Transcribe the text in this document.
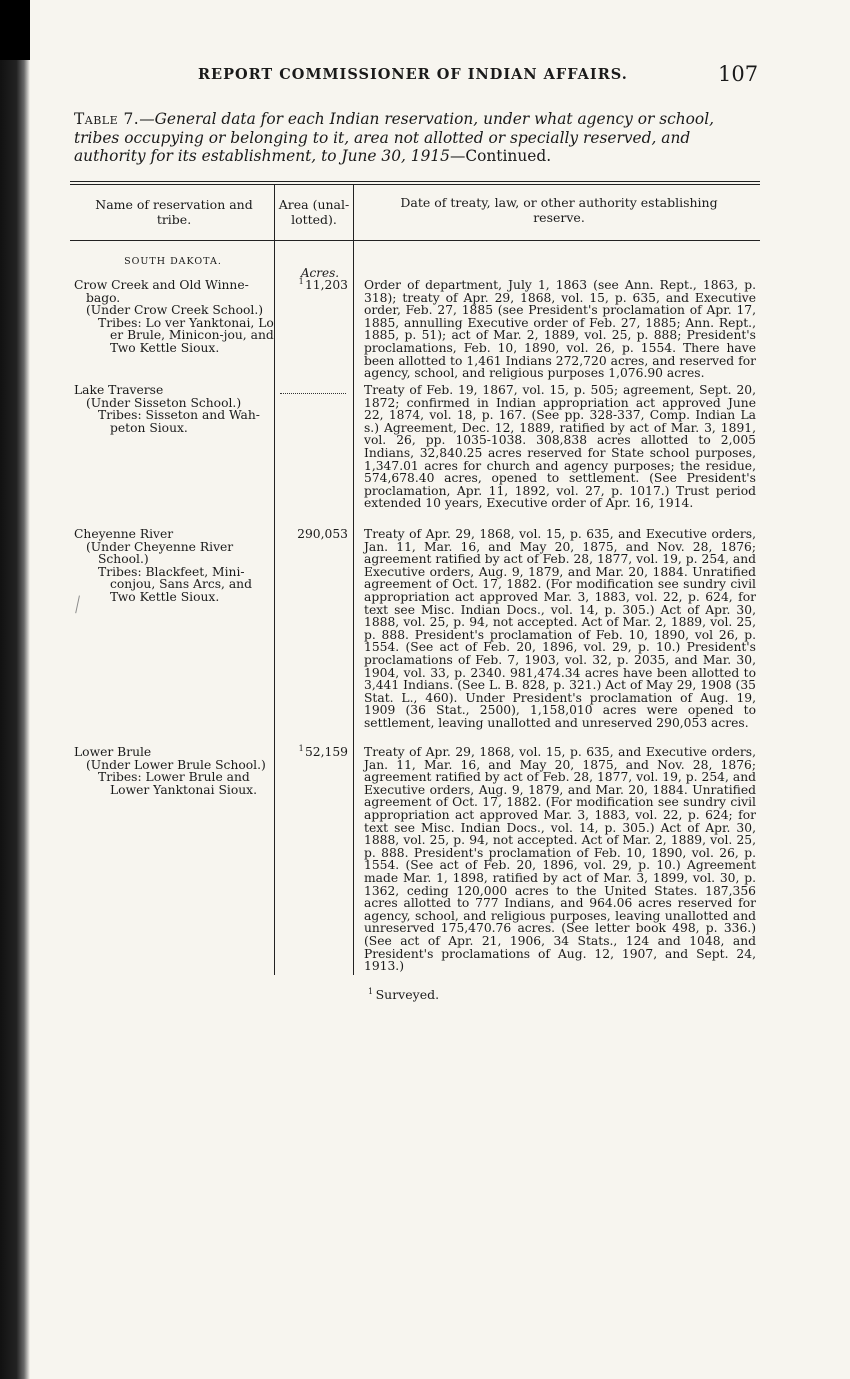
REPORT COMMISSIONER OF INDIAN AFFAIRS.	107
Table 7.—General data for each Indian reservation, under what agency or school, tribes occupying or belonging to it, area not allotted or specially reserved, and authority for its establishment, to June 30, 1915—Continued.
Name of reservation and tribe.
Area (unal-lotted).
Date of treaty, law, or other authority establishing reserve.
SOUTH DAKOTA.
Acres.
Crow Creek and Old Winne-bago.
(Under Crow Creek School.)
Tribes: Lo ver Yanktonai, Lo er Brule, Minicon-jou, and Two Kettle Sioux.
$^1$ 11,203 Order of department, July 1, 1863 (see Ann. Rept., 1863, p. 318); treaty of Apr. 29, 1868, vol. 15, p. 635, and Executive order, Feb. 27, 1885 (see President's proclamation of Apr. 17, 1885, annulling Executive order of Feb. 27, 1885; Ann. Rept., 1885, p. 51); act of Mar. 2, 1889, vol. 25, p. 888; President's proclamations, Feb. 10, 1890, vol. 26, p. 1554. There have been allotted to 1,461 Indians 272,720 acres, and reserved for agency, school, and religious purposes 1,076.90 acres.
Lake Traverse
(Under Sisseton School.)
Tribes: Sisseton and Wah-peton Sioux.
Treaty of Feb. 19, 1867, vol. 15, p. 505; agreement, Sept. 20, 1872; confirmed in Indian appropriation act approved June 22, 1874, vol. 18, p. 167. (See pp. 328-337, Comp. Indian La s.) Agreement, Dec. 12, 1889, ratified by act of Mar. 3, 1891, vol. 26, pp. 1035-1038. 308,838 acres allotted to 2,005 Indians, 32,840.25 acres reserved for State school purposes, 1,347.01 acres for church and agency purposes; the residue, 574,678.40 acres, opened to settlement. (See President's proclamation, Apr. 11, 1892, vol. 27, p. 1017.) Trust period extended 10 years, Executive order of Apr. 16, 1914.
Cheyenne River
(Under Cheyenne River School.)
Tribes: Blackfeet, Mini-conjou, Sans Arcs, and Two Kettle Sioux.
290,053 Treaty of Apr. 29, 1868, vol. 15, p. 635, and Executive orders, Jan. 11, Mar. 16, and May 20, 1875, and Nov. 28, 1876; agreement ratified by act of Feb. 28, 1877, vol. 19, p. 254, and Executive orders, Aug. 9, 1879, and Mar. 20, 1884. Unratified agreement of Oct. 17, 1882. (For modification see sundry civil appropriation act approved Mar. 3, 1883, vol. 22, p. 624, for text see Misc. Indian Docs., vol. 14, p. 305.) Act of Apr. 30, 1888, vol. 25, p. 94, not accepted. Act of Mar. 2, 1889, vol. 25, p. 888. President's proclamation of Feb. 10, 1890, vol 26, p. 1554. (See act of Feb. 20, 1896, vol. 29, p. 10.) President's proclamations of Feb. 7, 1903, vol. 32, p. 2035, and Mar. 30, 1904, vol. 33, p. 2340. 981,474.34 acres have been allotted to 3,441 Indians. (See L. B. 828, p. 321.) Act of May 29, 1908 (35 Stat. L., 460). Under President's proclamation of Aug. 19, 1909 (36 Stat., 2500), 1,158,010 acres were opened to settlement, leaving unallotted and unreserved 290,053 acres.
Lower Brule
(Under Lower Brule School.)
Tribes: Lower Brule and Lower Yanktonai Sioux.
$^1$ 52,159 Treaty of Apr. 29, 1868, vol. 15, p. 635, and Executive orders, Jan. 11, Mar. 16, and May 20, 1875, and Nov. 28, 1876; agreement ratified by act of Feb. 28, 1877, vol. 19, p. 254, and Executive orders, Aug. 9, 1879, and Mar. 20, 1884. Unratified agreement of Oct. 17, 1882. (For modification see sundry civil appropriation act approved Mar. 3, 1883, vol. 22, p. 624; for text see Misc. Indian Docs., vol. 14, p. 305.) Act of Apr. 30, 1888, vol. 25, p. 94, not accepted. Act of Mar. 2, 1889, vol. 25, p. 888. President's proclamation of Feb. 10, 1890, vol. 26, p. 1554. (See act of Feb. 20, 1896, vol. 29, p. 10.) Agreement made Mar. 1, 1898, ratified by act of Mar. 3, 1899, vol. 30, p. 1362, ceding 120,000 acres to the United States. 187,356 acres allotted to 777 Indians, and 964.06 acres reserved for agency, school, and religious purposes, leaving unallotted and unreserved 175,470.76 acres. (See letter book 498, p. 336.) (See act of Apr. 21, 1906, 34 Stats., 124 and 1048, and President's proclamations of Aug. 12, 1907, and Sept. 24, 1913.)
$^1$  Surveyed.
